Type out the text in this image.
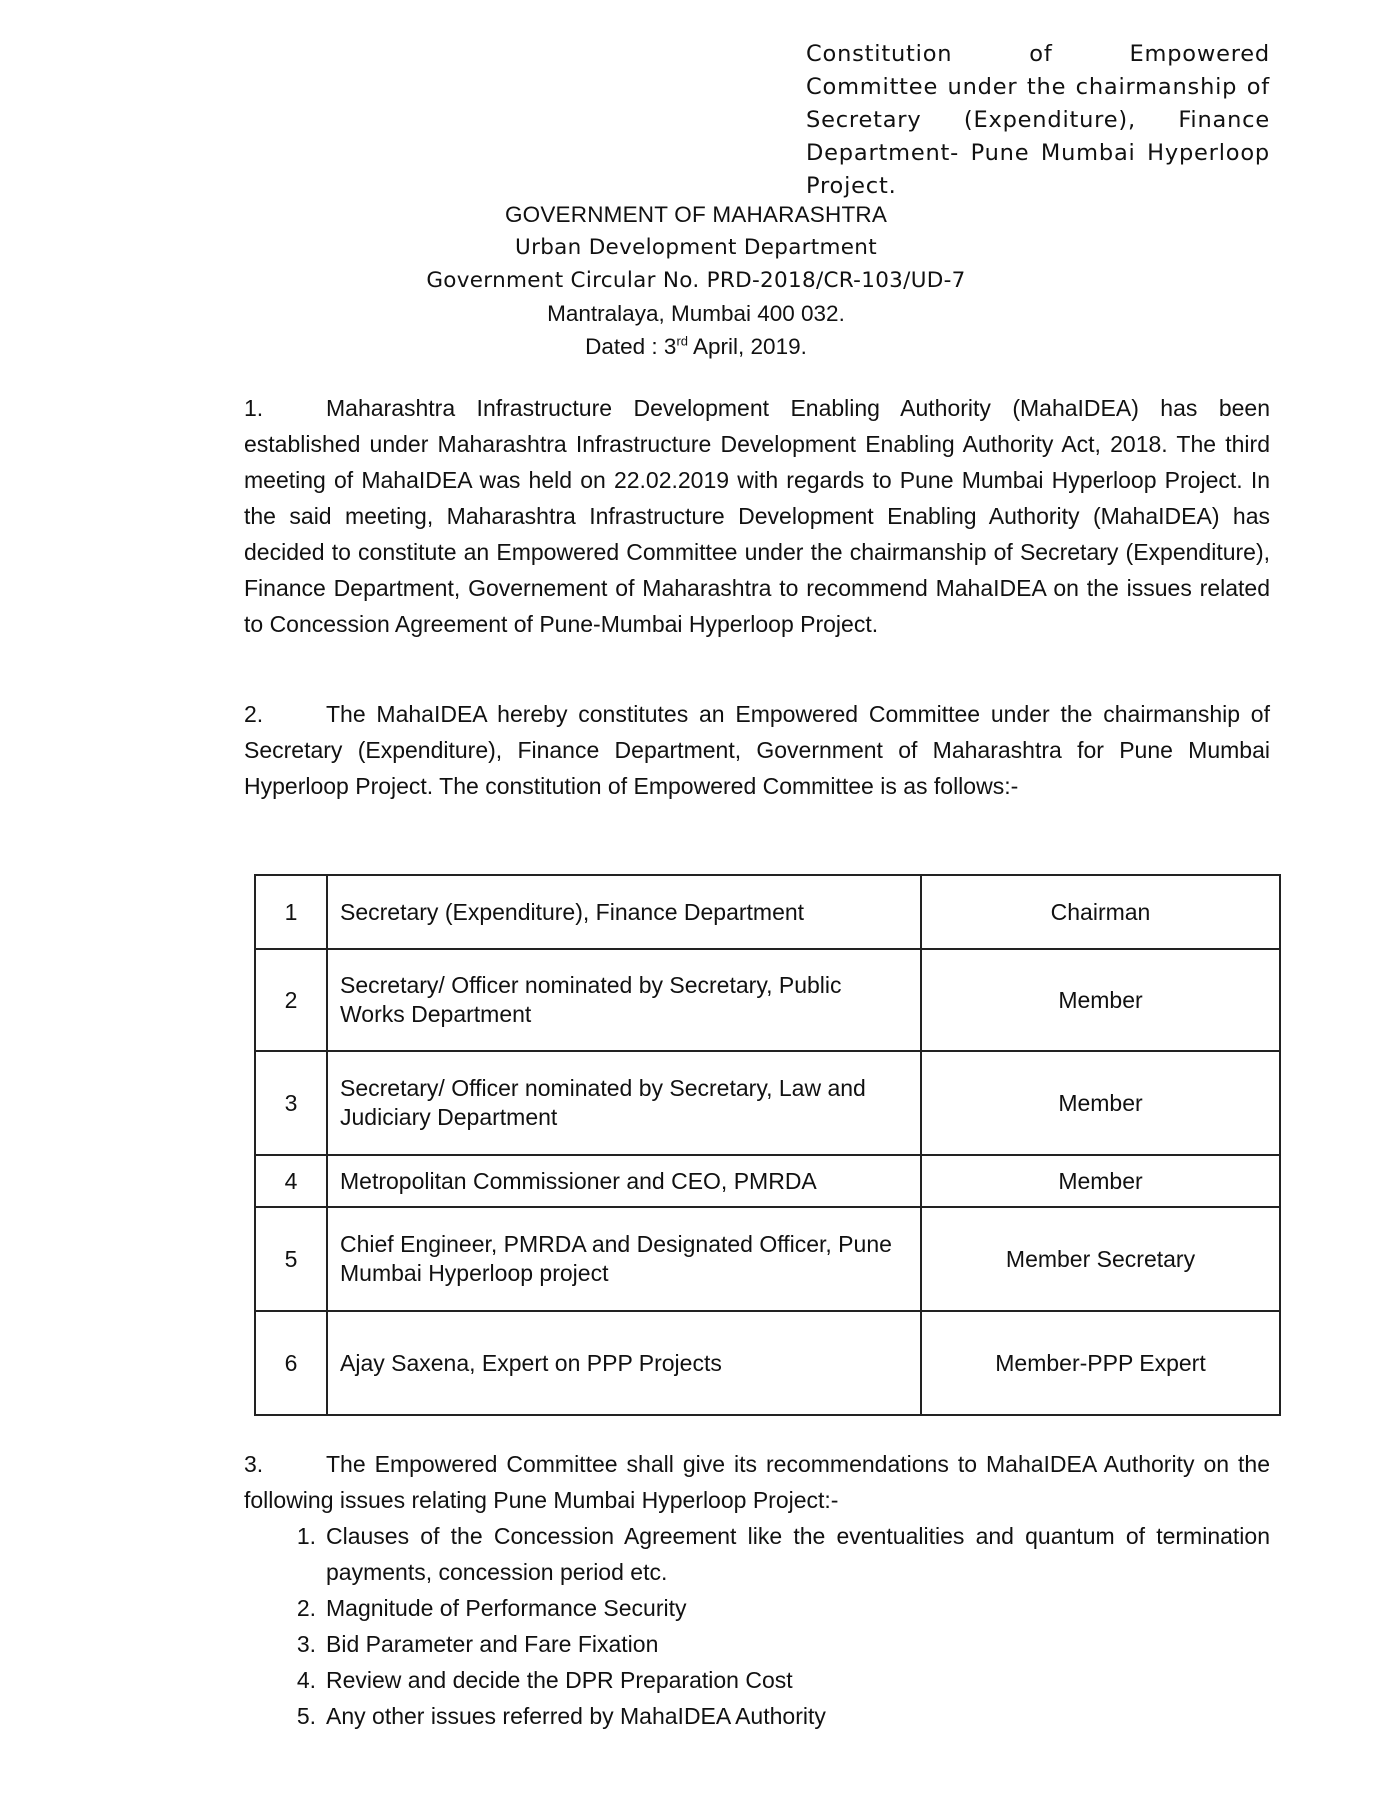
Constitution of Empowered Committee under the chairmanship of Secretary (Expenditure), Finance Department- Pune Mumbai Hyperloop Project.
GOVERNMENT OF MAHARASHTRA
Urban Development Department
Government Circular No. PRD-2018/CR-103/UD-7
Mantralaya, Mumbai 400 032.
Dated : 3rd April, 2019.
1.	Maharashtra Infrastructure Development Enabling Authority (MahaIDEA) has been established under Maharashtra Infrastructure Development Enabling Authority Act, 2018. The third meeting of MahaIDEA was held on 22.02.2019 with regards to Pune Mumbai Hyperloop Project. In the said meeting, Maharashtra Infrastructure Development Enabling Authority (MahaIDEA) has decided to constitute an Empowered Committee under the chairmanship of Secretary (Expenditure), Finance Department, Governement of Maharashtra to recommend MahaIDEA on the issues related to Concession Agreement of Pune-Mumbai Hyperloop Project.
2.	The MahaIDEA hereby constitutes an Empowered Committee under the chairmanship of Secretary (Expenditure), Finance Department, Government of Maharashtra for Pune Mumbai Hyperloop Project. The constitution of Empowered Committee is as follows:-
1	Secretary (Expenditure), Finance Department	Chairman
2	Secretary/ Officer nominated by Secretary, Public Works Department	Member
3	Secretary/ Officer nominated by Secretary, Law and Judiciary Department	Member
4	Metropolitan Commissioner and CEO, PMRDA	Member
5	Chief Engineer, PMRDA and Designated Officer, Pune Mumbai Hyperloop project	Member Secretary
6	Ajay Saxena, Expert on PPP Projects	Member-PPP Expert
3.	The Empowered Committee shall give its recommendations to MahaIDEA Authority on the following issues relating Pune Mumbai Hyperloop Project:-
1. Clauses of the Concession Agreement like the eventualities and quantum of termination payments, concession period etc.
2. Magnitude of Performance Security
3. Bid Parameter and Fare Fixation
4. Review and decide the DPR Preparation Cost
5. Any other issues referred by MahaIDEA Authority
